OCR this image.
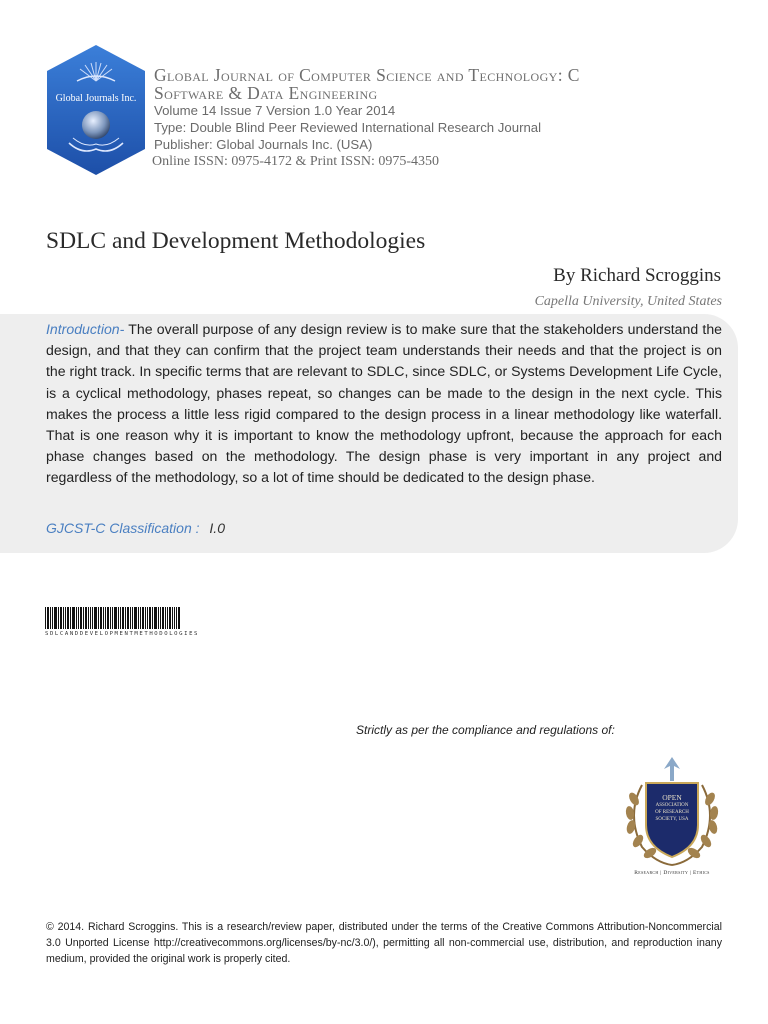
Global Journals Inc.
Global Journal of Computer Science and Technology: C
Software & Data Engineering
Volume 14 Issue 7 Version 1.0 Year 2014
Type: Double Blind Peer Reviewed International Research Journal
Publisher: Global Journals Inc. (USA)
Online ISSN: 0975-4172 & Print ISSN: 0975-4350
SDLC and Development Methodologies
By Richard Scroggins
Capella University, United States
Introduction- The overall purpose of any design review is to make sure that the stakeholders understand the design, and that they can confirm that the project team understands their needs and that the project is on the right track. In specific terms that are relevant to SDLC, since SDLC, or Systems Development Life Cycle, is a cyclical methodology, phases repeat, so changes can be made to the design in the next cycle. This makes the process a little less rigid compared to the design process in a linear methodology like waterfall. That is one reason why it is important to know the methodology upfront, because the approach for each phase changes based on the methodology. The design phase is very important in any project and regardless of the methodology, so a lot of time should be dedicated to the design phase.
GJCST-C Classification : I.0
SDLCANDDEVELOPMENTMETHODOLOGIES
Strictly as per the compliance and regulations of:
OPEN
ASSOCIATION
OF RESEARCH
SOCIETY, USA
Research | Diversity | Ethics
© 2014. Richard Scroggins. This is a research/review paper, distributed under the terms of the Creative Commons Attribution-Noncommercial 3.0 Unported License http://creativecommons.org/licenses/by-nc/3.0/), permitting all non-commercial use, distribution, and reproduction inany medium, provided the original work is properly cited.
